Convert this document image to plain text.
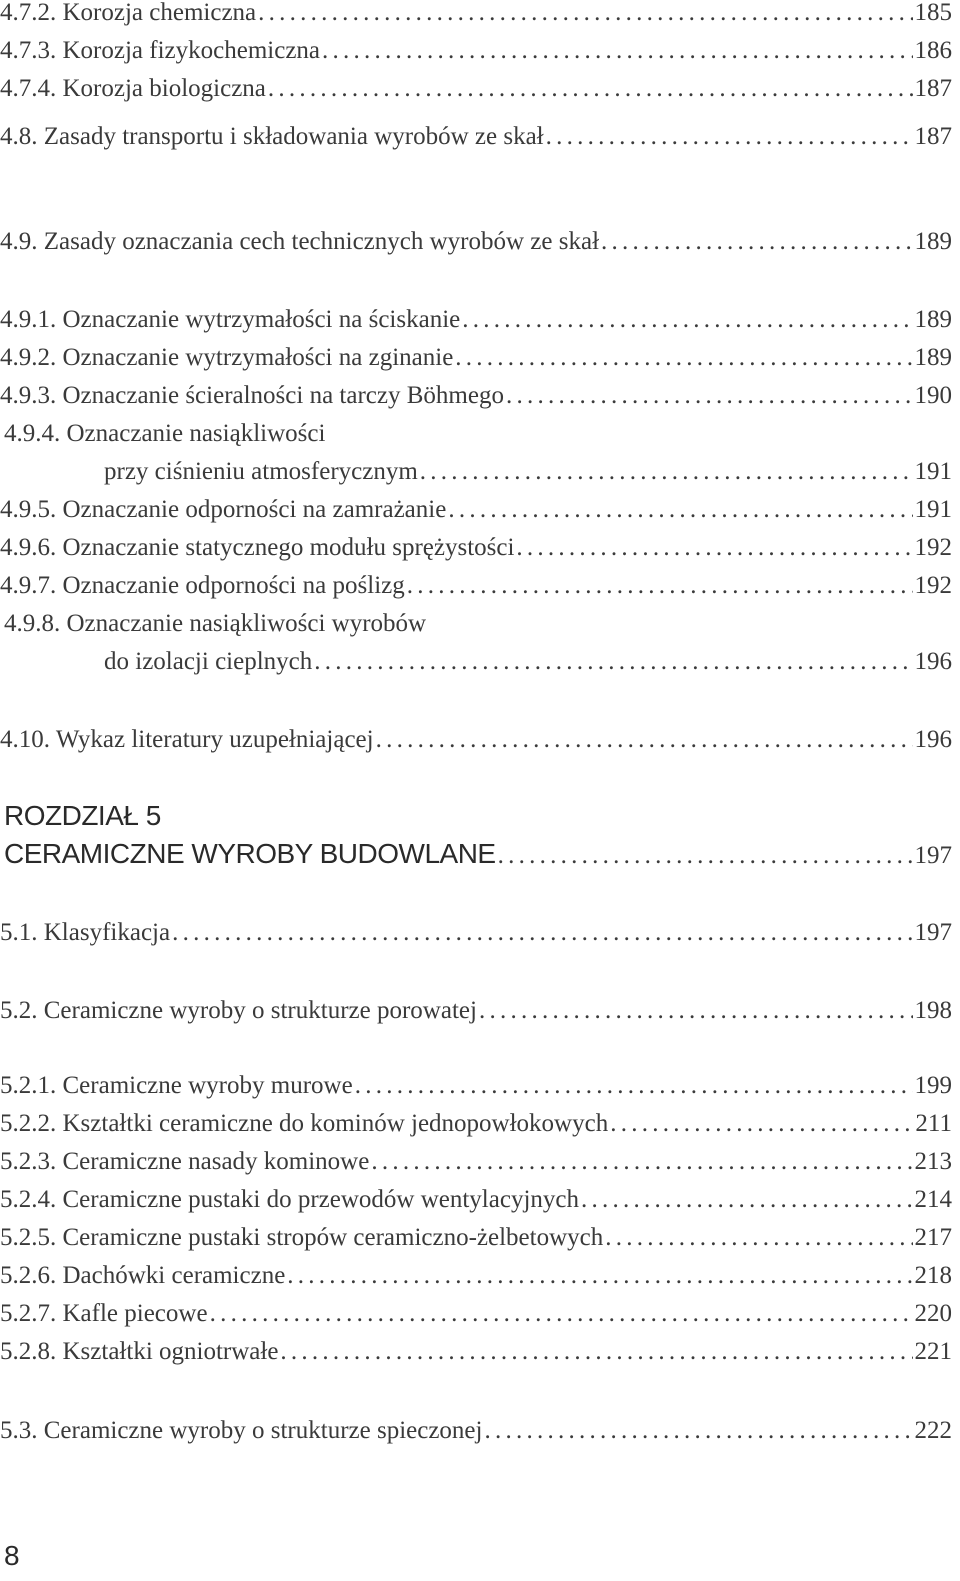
4.7.2. Korozja chemiczna . . .	185
4.7.3. Korozja fizykochemiczna . . .	186
4.7.4. Korozja biologiczna . . .	187
4.8. Zasady transportu i składowania wyrobów ze skał . . .	187
4.9. Zasady oznaczania cech technicznych wyrobów ze skał . . .	189
4.9.1. Oznaczanie wytrzymałości na ściskanie . . .	189
4.9.2. Oznaczanie wytrzymałości na zginanie . . .	189
4.9.3. Oznaczanie ścieralności na tarczy Böhmego . . .	190
4.9.4. Oznaczanie nasiąkliwości
przy ciśnieniu atmosferycznym . . .	191
4.9.5. Oznaczanie odporności na zamrażanie . . .	191
4.9.6. Oznaczanie statycznego modułu sprężystości . . .	192
4.9.7. Oznaczanie odporności na poślizg . . .	192
4.9.8. Oznaczanie nasiąkliwości wyrobów
do izolacji cieplnych . . .	196
4.10. Wykaz literatury uzupełniającej . . .	196
ROZDZIAŁ 5
CERAMICZNE WYROBY BUDOWLANE . . .	197
5.1. Klasyfikacja . . .	197
5.2. Ceramiczne wyroby o strukturze porowatej . . .	198
5.2.1. Ceramiczne wyroby murowe . . .	199
5.2.2. Kształtki ceramiczne do kominów jednopowłokowych . . .	211
5.2.3. Ceramiczne nasady kominowe . . .	213
5.2.4. Ceramiczne pustaki do przewodów wentylacyjnych . . .	214
5.2.5. Ceramiczne pustaki stropów ceramiczno-żelbetowych . . .	217
5.2.6. Dachówki ceramiczne . . .	218
5.2.7. Kafle piecowe . . .	220
5.2.8. Kształtki ogniotrwałe . . .	221
5.3. Ceramiczne wyroby o strukturze spieczonej . . .	222
8
